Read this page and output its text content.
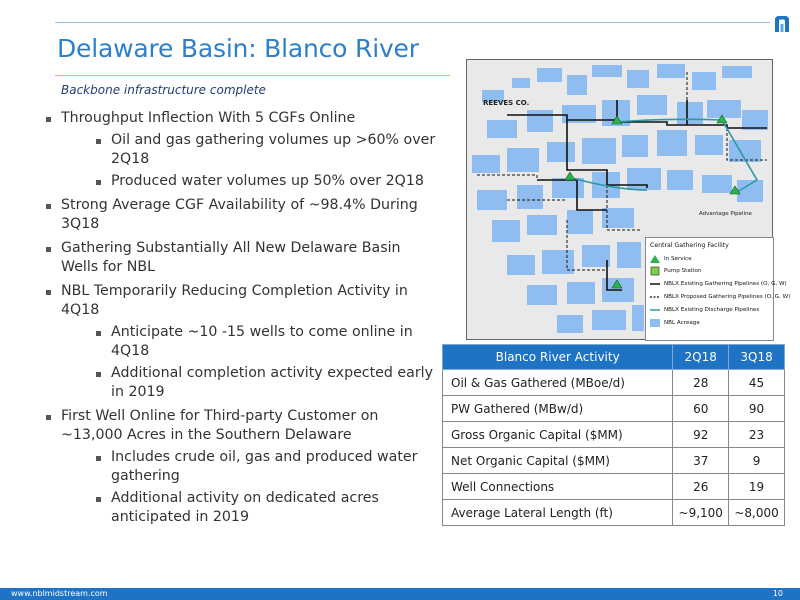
Delaware Basin: Blanco River
Backbone infrastructure complete
Throughput Inflection With 5 CGFs Online
Oil and gas gathering volumes up >60% over 2Q18
Produced water volumes up 50% over 2Q18
Strong Average CGF Availability of ~98.4% During 3Q18
Gathering Substantially All New Delaware Basin Wells for NBL
NBL Temporarily Reducing Completion Activity in 4Q18
Anticipate ~10 -15 wells to come online in 4Q18
Additional completion activity expected early in 2019
First Well Online for Third-party Customer on ~13,000 Acres in the Southern Delaware
Includes crude oil, gas and produced water gathering
Additional activity on dedicated acres anticipated in 2019
REEVES CO.
Advantage Pipeline
Central Gathering Facility
In Service
Pump Station
NBLX Existing Gathering Pipelines (O, G, W)
NBLX Proposed Gathering Pipelines (O, G, W)
NBLX Existing Discharge Pipelines
NBL Acreage
Blanco River Activity	2Q18	3Q18
Oil & Gas Gathered (MBoe/d)	28	45
PW Gathered (MBw/d)	60	90
Gross Organic Capital ($MM)	92	23
Net Organic Capital ($MM)	37	9
Well Connections	26	19
Average Lateral Length (ft)	~9,100	~8,000
www.nblmidstream.com	10
